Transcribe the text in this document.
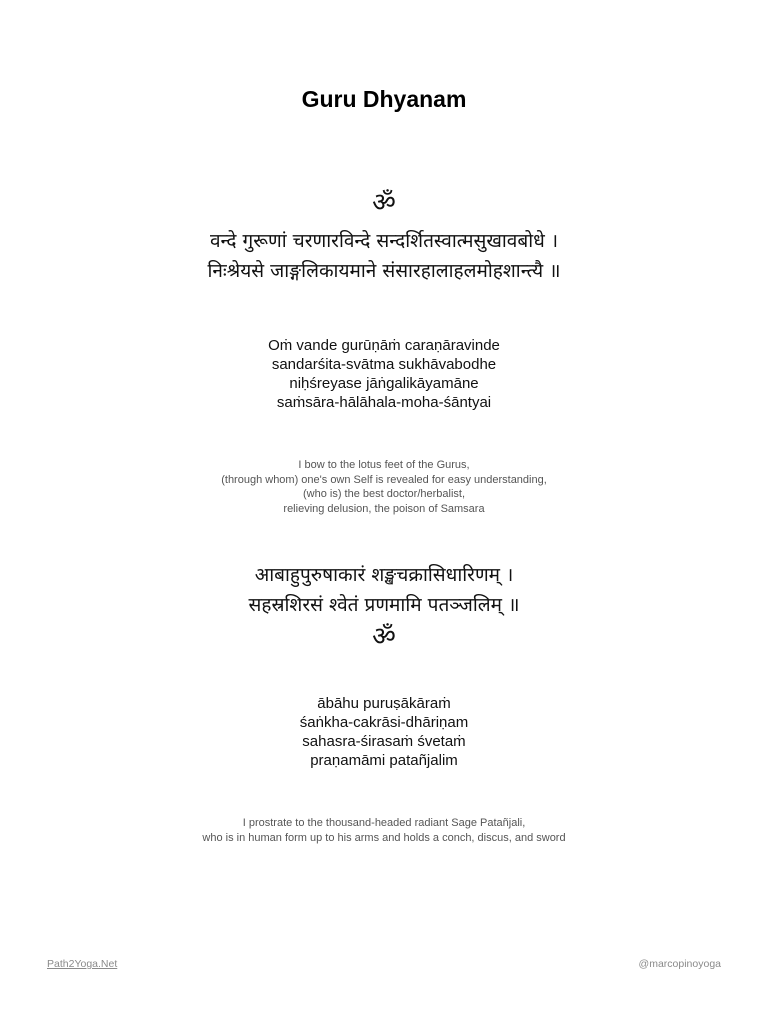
Guru Dhyanam
ॐ
वन्दे गुरूणां चरणारविन्दे सन्दर्शितस्वात्मसुखावबोधे ।
निःश्रेयसे जाङ्गलिकायमाने संसारहालाहलमोहशान्त्यै ॥
Oṁ vande gurūṇāṁ caraṇāravinde
sandarśita-svātma sukhāvabodhe
niḥśreyase jāṅgalikāyamāne
saṁsāra-hālāhala-moha-śāntyai
I bow to the lotus feet of the Gurus,
(through whom) one's own Self is revealed for easy understanding,
(who is) the best doctor/herbalist,
relieving delusion, the poison of Samsara
आबाहुपुरुषाकारं शङ्खचक्रासिधारिणम् ।
सहस्रशिरसं श्वेतं प्रणमामि पतञ्जलिम् ॥
ॐ
ābāhu puruṣākāraṁ
śaṅkha-cakrāsi-dhāriṇam
sahasra-śirasaṁ śvetaṁ
praṇamāmi patañjalim
I prostrate to the thousand-headed radiant Sage Patañjali,
who is in human form up to his arms and holds a conch, discus, and sword
Path2Yoga.Net	@marcopinoyoga
